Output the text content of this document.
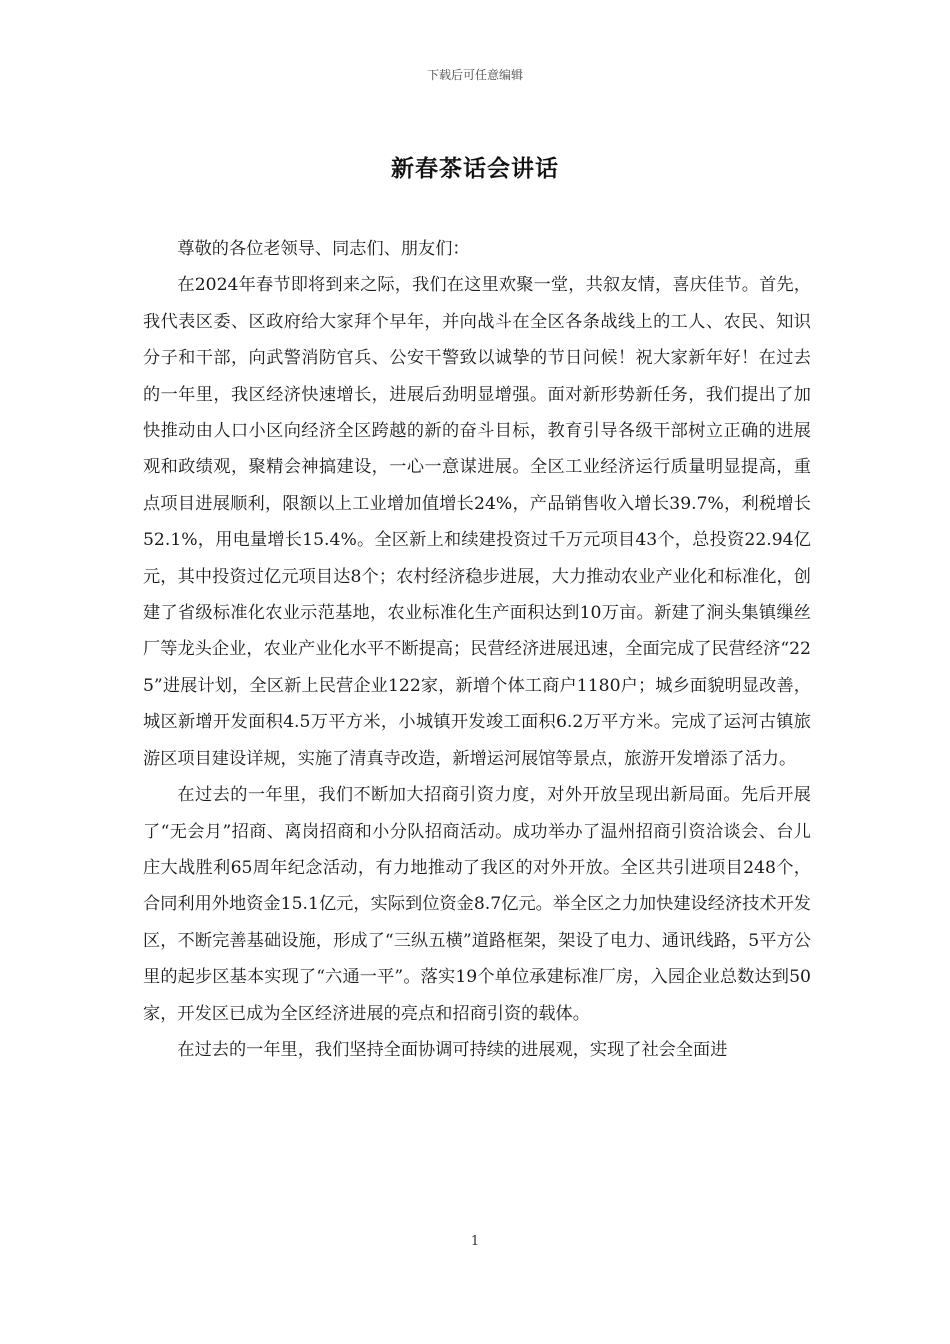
下载后可任意编辑
新春茶话会讲话

尊敬的各位老领导、同志们、朋友们：

在2024年春节即将到来之际，我们在这里欢聚一堂，共叙友情，喜庆佳节。首先，我代表区委、区政府给大家拜个早年，并向战斗在全区各条战线上的工人、农民、知识分子和干部，向武警消防官兵、公安干警致以诚挚的节日问候！祝大家新年好！在过去的一年里，我区经济快速增长，进展后劲明显增强。面对新形势新任务，我们提出了加快推动由人口小区向经济全区跨越的新的奋斗目标，教育引导各级干部树立正确的进展观和政绩观，聚精会神搞建设，一心一意谋进展。全区工业经济运行质量明显提高，重点项目进展顺利，限额以上工业增加值增长24%，产品销售收入增长39.7%，利税增长52.1%，用电量增长15.4%。全区新上和续建投资过千万元项目43个，总投资22.94亿元，其中投资过亿元项目达8个；农村经济稳步进展，大力推动农业产业化和标准化，创建了省级标准化农业示范基地，农业标准化生产面积达到10万亩。新建了涧头集镇缫丝厂等龙头企业，农业产业化水平不断提高；民营经济进展迅速，全面完成了民营经济“225”进展计划，全区新上民营企业122家，新增个体工商户1180户；城乡面貌明显改善，城区新增开发面积4.5万平方米，小城镇开发竣工面积6.2万平方米。完成了运河古镇旅游区项目建设详规，实施了清真寺改造，新增运河展馆等景点，旅游开发增添了活力。

在过去的一年里，我们不断加大招商引资力度，对外开放呈现出新局面。先后开展了“无会月”招商、离岗招商和小分队招商活动。成功举办了温州招商引资洽谈会、台儿庄大战胜利65周年纪念活动，有力地推动了我区的对外开放。全区共引进项目248个，合同利用外地资金15.1亿元，实际到位资金8.7亿元。举全区之力加快建设经济技术开发区，不断完善基础设施，形成了“三纵五横”道路框架，架设了电力、通讯线路，5平方公里的起步区基本实现了“六通一平”。落实19个单位承建标准厂房，入园企业总数达到50家，开发区已成为全区经济进展的亮点和招商引资的载体。

在过去的一年里，我们坚持全面协调可持续的进展观，实现了社会全面进

1
